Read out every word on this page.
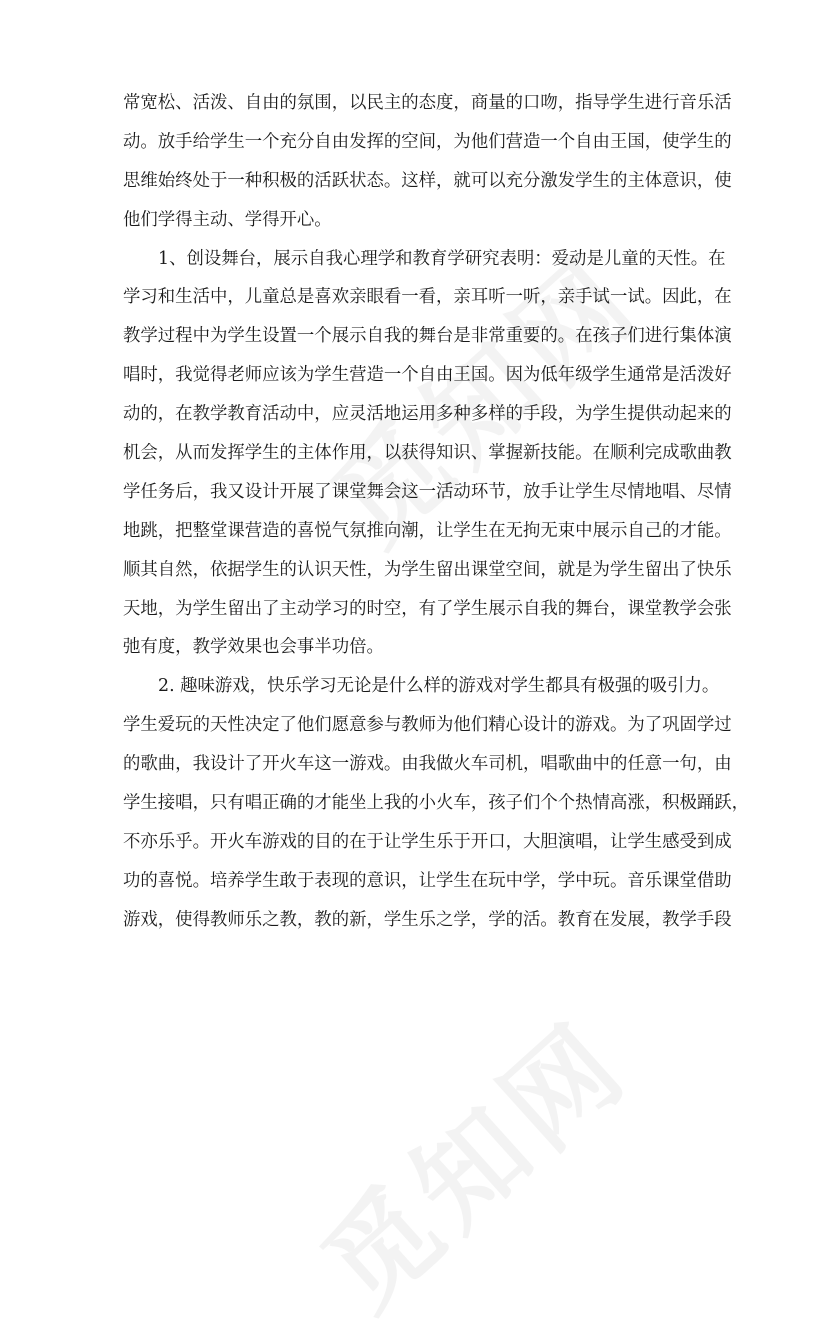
常宽松、活泼、自由的氛围，以民主的态度，商量的口吻，指导学生进行音乐活
动。放手给学生一个充分自由发挥的空间，为他们营造一个自由王国，使学生的
思维始终处于一种积极的活跃状态。这样，就可以充分激发学生的主体意识，使
他们学得主动、学得开心。
1、创设舞台，展示自我心理学和教育学研究表明：爱动是儿童的天性。在
学习和生活中，儿童总是喜欢亲眼看一看，亲耳听一听，亲手试一试。因此，在
教学过程中为学生设置一个展示自我的舞台是非常重要的。在孩子们进行集体演
唱时，我觉得老师应该为学生营造一个自由王国。因为低年级学生通常是活泼好
动的，在教学教育活动中，应灵活地运用多种多样的手段，为学生提供动起来的
机会，从而发挥学生的主体作用，以获得知识、掌握新技能。在顺利完成歌曲教
学任务后，我又设计开展了课堂舞会这一活动环节，放手让学生尽情地唱、尽情
地跳，把整堂课营造的喜悦气氛推向潮，让学生在无拘无束中展示自己的才能。
顺其自然，依据学生的认识天性，为学生留出课堂空间，就是为学生留出了快乐
天地，为学生留出了主动学习的时空，有了学生展示自我的舞台，课堂教学会张
弛有度，教学效果也会事半功倍。
2. 趣味游戏，快乐学习无论是什么样的游戏对学生都具有极强的吸引力。
学生爱玩的天性决定了他们愿意参与教师为他们精心设计的游戏。为了巩固学过
的歌曲，我设计了开火车这一游戏。由我做火车司机，唱歌曲中的任意一句，由
学生接唱，只有唱正确的才能坐上我的小火车，孩子们个个热情高涨，积极踊跃，
不亦乐乎。开火车游戏的目的在于让学生乐于开口，大胆演唱，让学生感受到成
功的喜悦。培养学生敢于表现的意识，让学生在玩中学，学中玩。音乐课堂借助
游戏，使得教师乐之教，教的新，学生乐之学，学的活。教育在发展，教学手段
